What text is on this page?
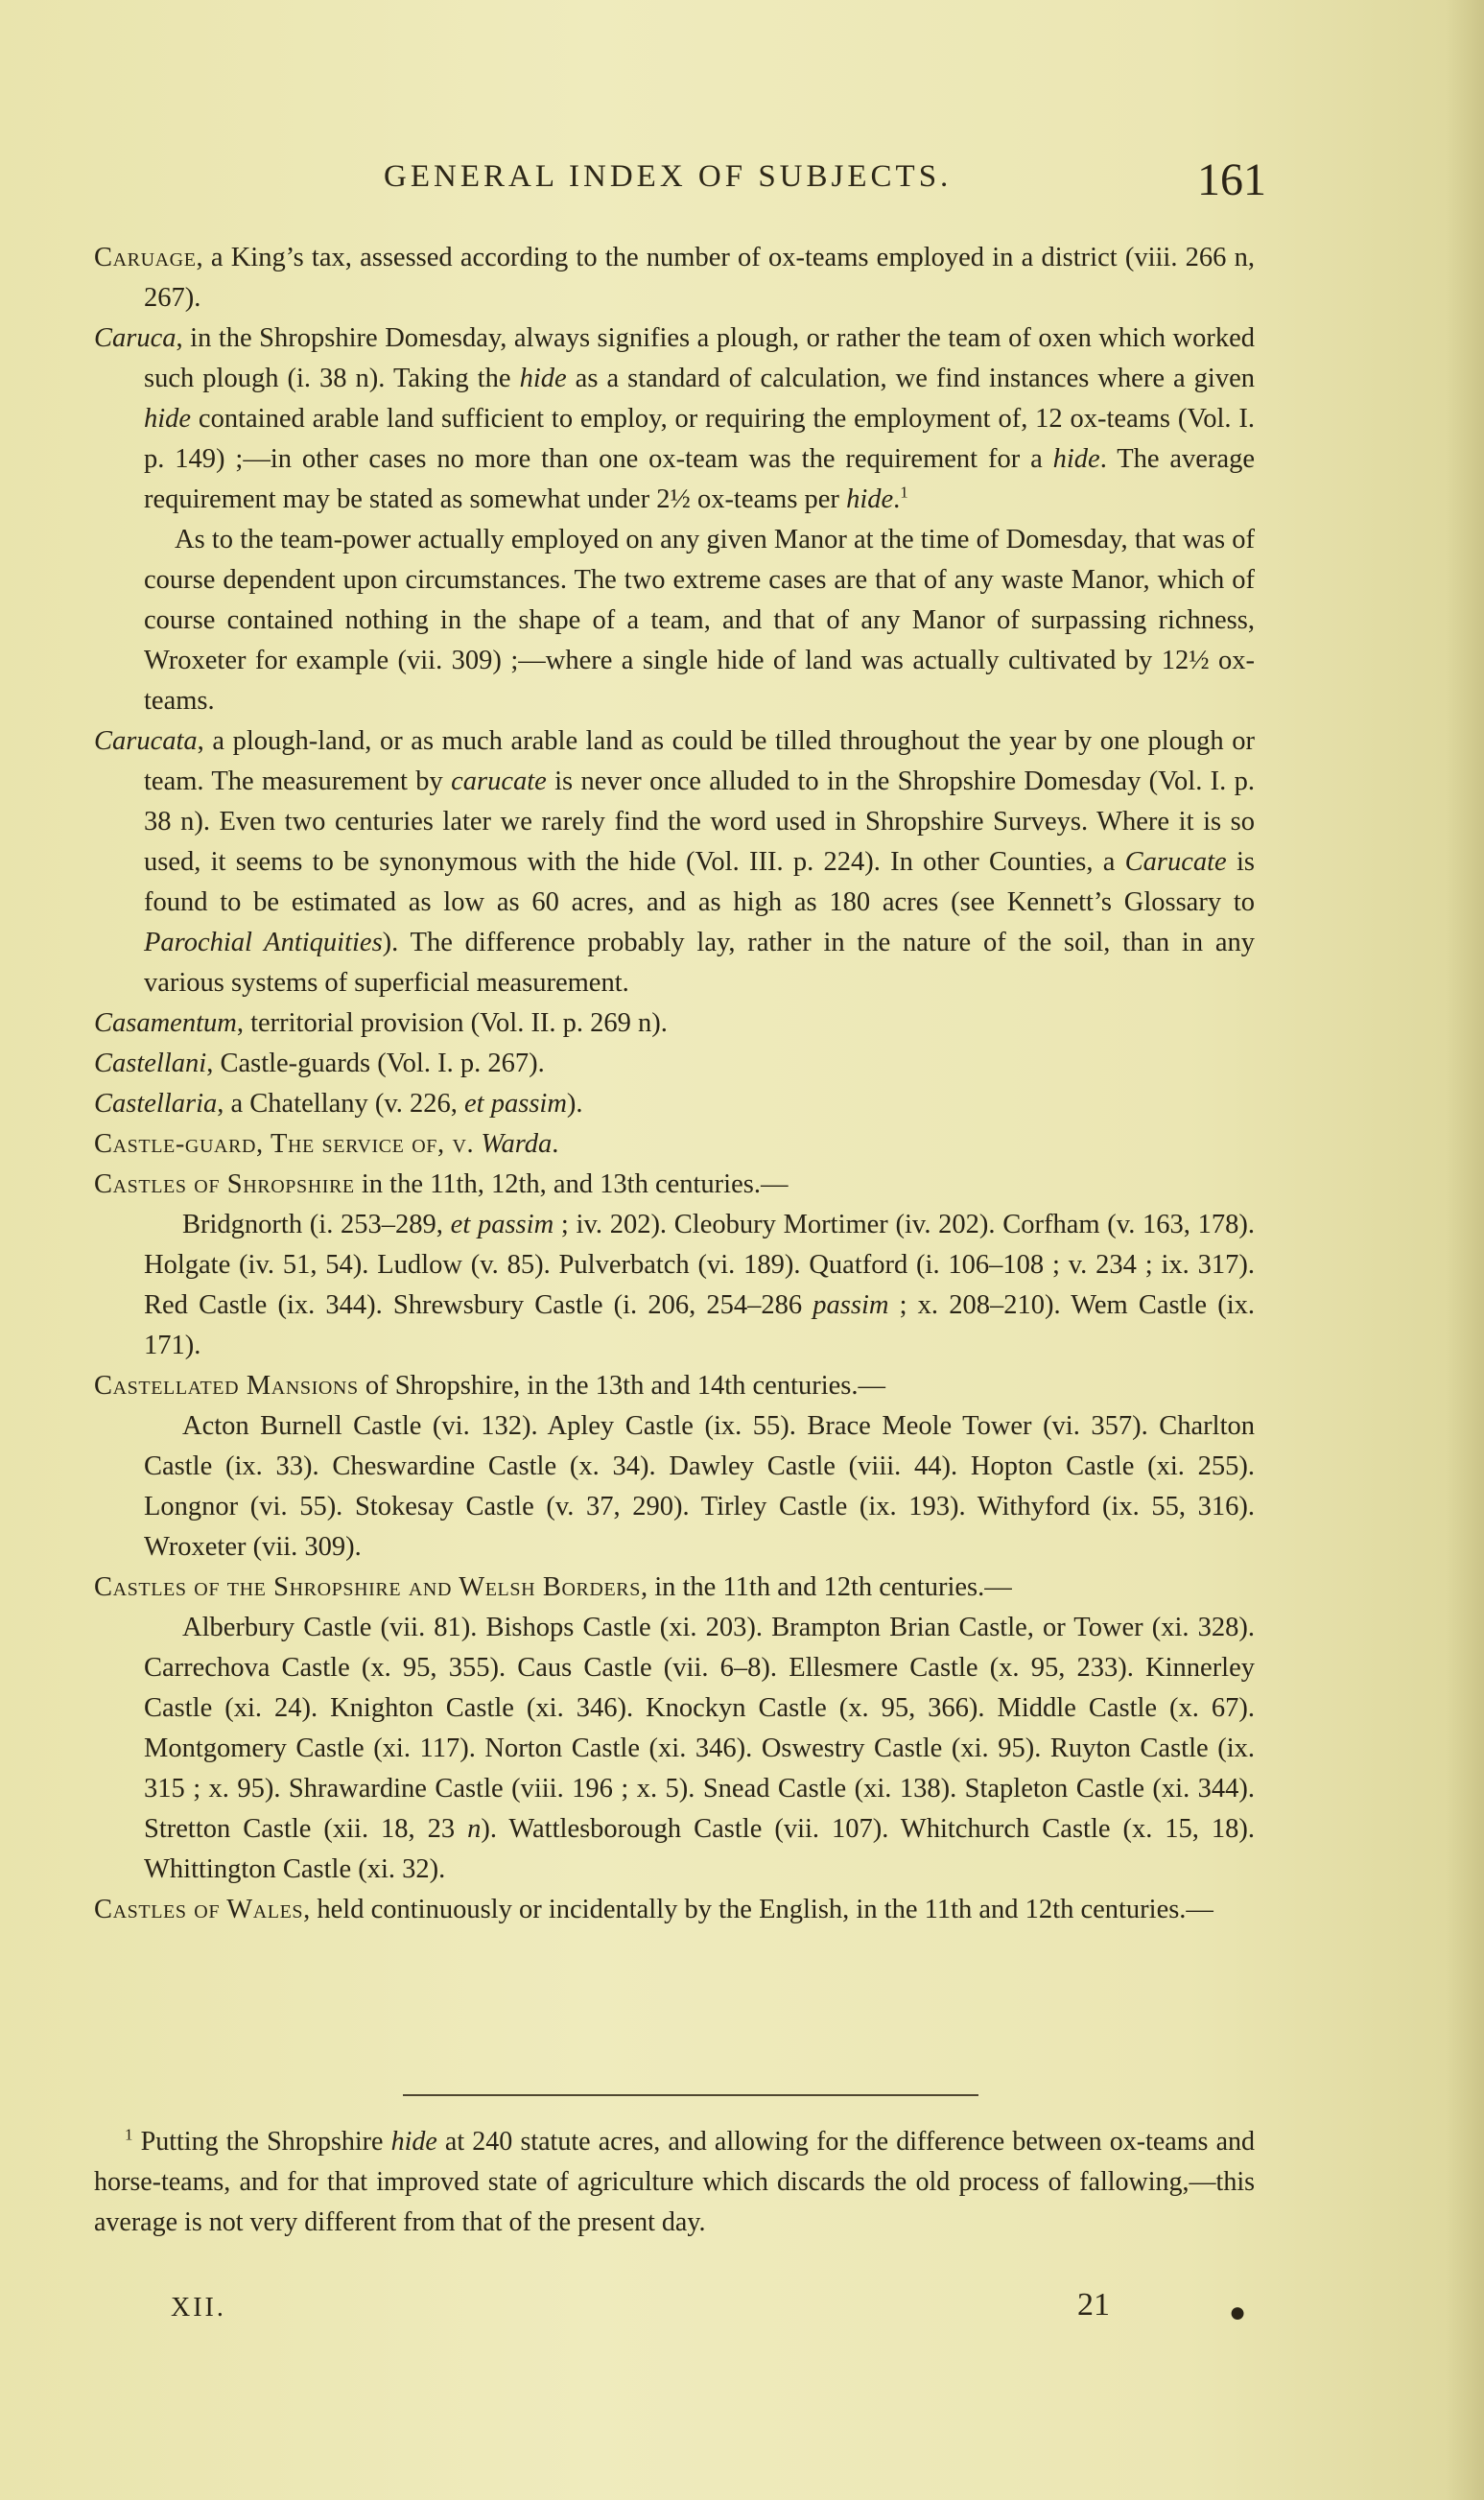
GENERAL INDEX OF SUBJECTS.	161

Caruage, a King’s tax, assessed according to the number of ox-teams employed in a district (viii. 266 n, 267).

Caruca, in the Shropshire Domesday, always signifies a plough, or rather the team of oxen which worked such plough (i. 38 n). Taking the hide as a standard of calculation, we find instances where a given hide contained arable land sufficient to employ, or requiring the employment of, 12 ox-teams (Vol. I. p. 149) ;—in other cases no more than one ox-team was the requirement for a hide. The average requirement may be stated as somewhat under 2½ ox-teams per hide.$^1$

As to the team-power actually employed on any given Manor at the time of Domesday, that was of course dependent upon circumstances. The two extreme cases are that of any waste Manor, which of course contained nothing in the shape of a team, and that of any Manor of surpassing richness, Wroxeter for example (vii. 309) ;—where a single hide of land was actually cultivated by 12½ ox-teams.

Carucata, a plough-land, or as much arable land as could be tilled throughout the year by one plough or team. The measurement by carucate is never once alluded to in the Shropshire Domesday (Vol. I. p. 38 n). Even two centuries later we rarely find the word used in Shropshire Surveys. Where it is so used, it seems to be synonymous with the hide (Vol. III. p. 224). In other Counties, a Carucate is found to be estimated as low as 60 acres, and as high as 180 acres (see Kennett’s Glossary to Parochial Antiquities). The difference probably lay, rather in the nature of the soil, than in any various systems of superficial measurement.

Casamentum, territorial provision (Vol. II. p. 269 n).

Castellani, Castle-guards (Vol. I. p. 267).

Castellaria, a Chatellany (v. 226, et passim).

Castle-guard, The service of, v. Warda.

Castles of Shropshire in the 11th, 12th, and 13th centuries.—

Bridgnorth (i. 253–289, et passim ; iv. 202). Cleobury Mortimer (iv. 202). Corfham (v. 163, 178). Holgate (iv. 51, 54). Ludlow (v. 85). Pulverbatch (vi. 189). Quatford (i. 106–108 ; v. 234 ; ix. 317). Red Castle (ix. 344). Shrewsbury Castle (i. 206, 254–286 passim ; x. 208–210). Wem Castle (ix. 171).

Castellated Mansions of Shropshire, in the 13th and 14th centuries.—

Acton Burnell Castle (vi. 132). Apley Castle (ix. 55). Brace Meole Tower (vi. 357). Charlton Castle (ix. 33). Cheswardine Castle (x. 34). Dawley Castle (viii. 44). Hopton Castle (xi. 255). Longnor (vi. 55). Stokesay Castle (v. 37, 290). Tirley Castle (ix. 193). Withyford (ix. 55, 316). Wroxeter (vii. 309).

Castles of the Shropshire and Welsh Borders, in the 11th and 12th centuries.—

Alberbury Castle (vii. 81). Bishops Castle (xi. 203). Brampton Brian Castle, or Tower (xi. 328). Carrechova Castle (x. 95, 355). Caus Castle (vii. 6–8). Ellesmere Castle (x. 95, 233). Kinnerley Castle (xi. 24). Knighton Castle (xi. 346). Knockyn Castle (x. 95, 366). Middle Castle (x. 67). Montgomery Castle (xi. 117). Norton Castle (xi. 346). Oswestry Castle (xi. 95). Ruyton Castle (ix. 315 ; x. 95). Shrawardine Castle (viii. 196 ; x. 5). Snead Castle (xi. 138). Stapleton Castle (xi. 344). Stretton Castle (xii. 18, 23 n). Wattlesborough Castle (vii. 107). Whitchurch Castle (x. 15, 18). Whittington Castle (xi. 32).

Castles of Wales, held continuously or incidentally by the English, in the 11th and 12th centuries.—

$^1$ Putting the Shropshire hide at 240 statute acres, and allowing for the difference between ox-teams and horse-teams, and for that improved state of agriculture which discards the old process of fallowing,—this average is not very different from that of the present day.

XII.	21	●
